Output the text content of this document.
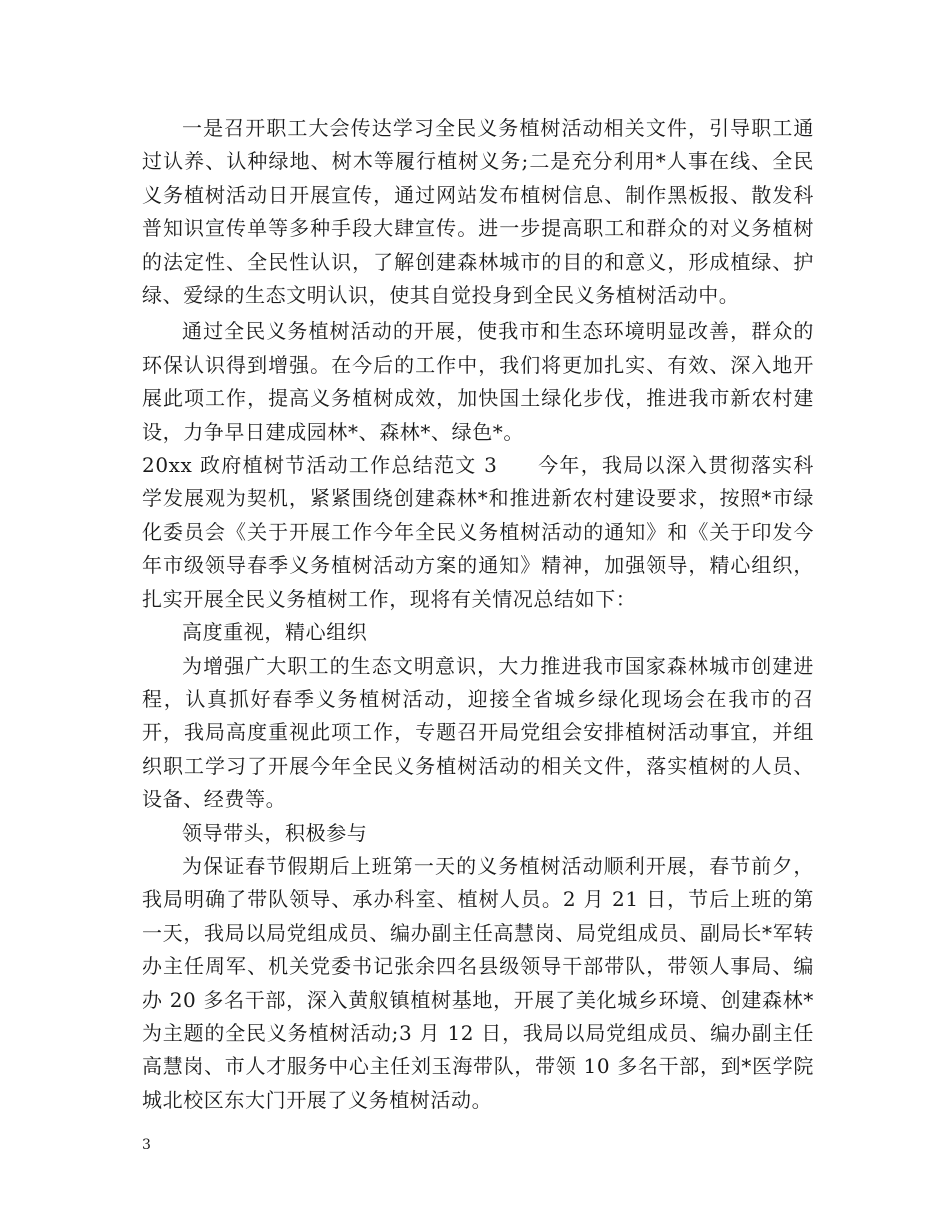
一是召开职工大会传达学习全民义务植树活动相关文件，引导职工通过认养、认种绿地、树木等履行植树义务;二是充分利用*人事在线、全民义务植树活动日开展宣传，通过网站发布植树信息、制作黑板报、散发科普知识宣传单等多种手段大肆宣传。进一步提高职工和群众的对义务植树的法定性、全民性认识，了解创建森林城市的目的和意义，形成植绿、护绿、爱绿的生态文明认识，使其自觉投身到全民义务植树活动中。

通过全民义务植树活动的开展，使我市和生态环境明显改善，群众的环保认识得到增强。在今后的工作中，我们将更加扎实、有效、深入地开展此项工作，提高义务植树成效，加快国土绿化步伐，推进我市新农村建设，力争早日建成园林*、森林*、绿色*。

20xx 政府植树节活动工作总结范文 3 今年，我局以深入贯彻落实科学发展观为契机，紧紧围绕创建森林*和推进新农村建设要求，按照*市绿化委员会《关于开展工作今年全民义务植树活动的通知》和《关于印发今年市级领导春季义务植树活动方案的通知》精神，加强领导，精心组织，扎实开展全民义务植树工作，现将有关情况总结如下：

高度重视，精心组织

为增强广大职工的生态文明意识，大力推进我市国家森林城市创建进程，认真抓好春季义务植树活动，迎接全省城乡绿化现场会在我市的召开，我局高度重视此项工作，专题召开局党组会安排植树活动事宜，并组织职工学习了开展今年全民义务植树活动的相关文件，落实植树的人员、设备、经费等。

领导带头，积极参与

为保证春节假期后上班第一天的义务植树活动顺利开展，春节前夕，我局明确了带队领导、承办科室、植树人员。2 月 21 日，节后上班的第一天，我局以局党组成员、编办副主任高慧岗、局党组成员、副局长*军转办主任周军、机关党委书记张余四名县级领导干部带队，带领人事局、编办 20 多名干部，深入黄舣镇植树基地，开展了美化城乡环境、创建森林*为主题的全民义务植树活动;3 月 12 日，我局以局党组成员、编办副主任高慧岗、市人才服务中心主任刘玉海带队，带领 10 多名干部，到*医学院城北校区东大门开展了义务植树活动。

3
